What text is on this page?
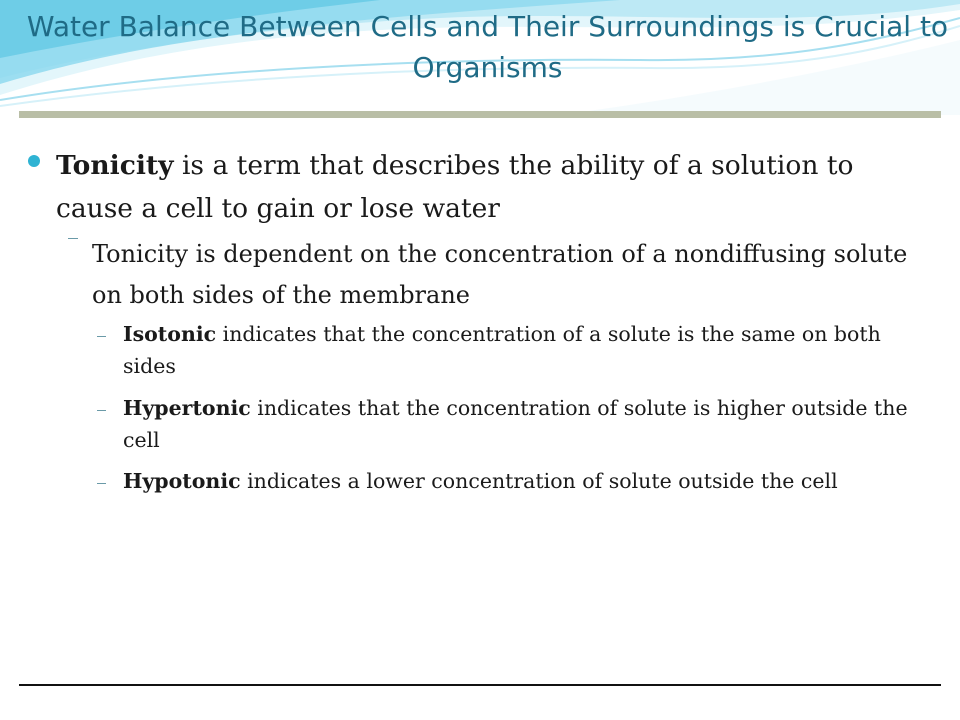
Water Balance Between Cells and Their Surroundings is Crucial to Organisms
Tonicity is a term that describes the ability of a solution to cause a cell to gain or lose water
Tonicity is dependent on the concentration of a nondiffusing solute on both sides of the membrane
Isotonic indicates that the concentration of a solute is the same on both sides
Hypertonic indicates that the concentration of solute is higher outside the cell
Hypotonic indicates a lower concentration of solute outside the cell
